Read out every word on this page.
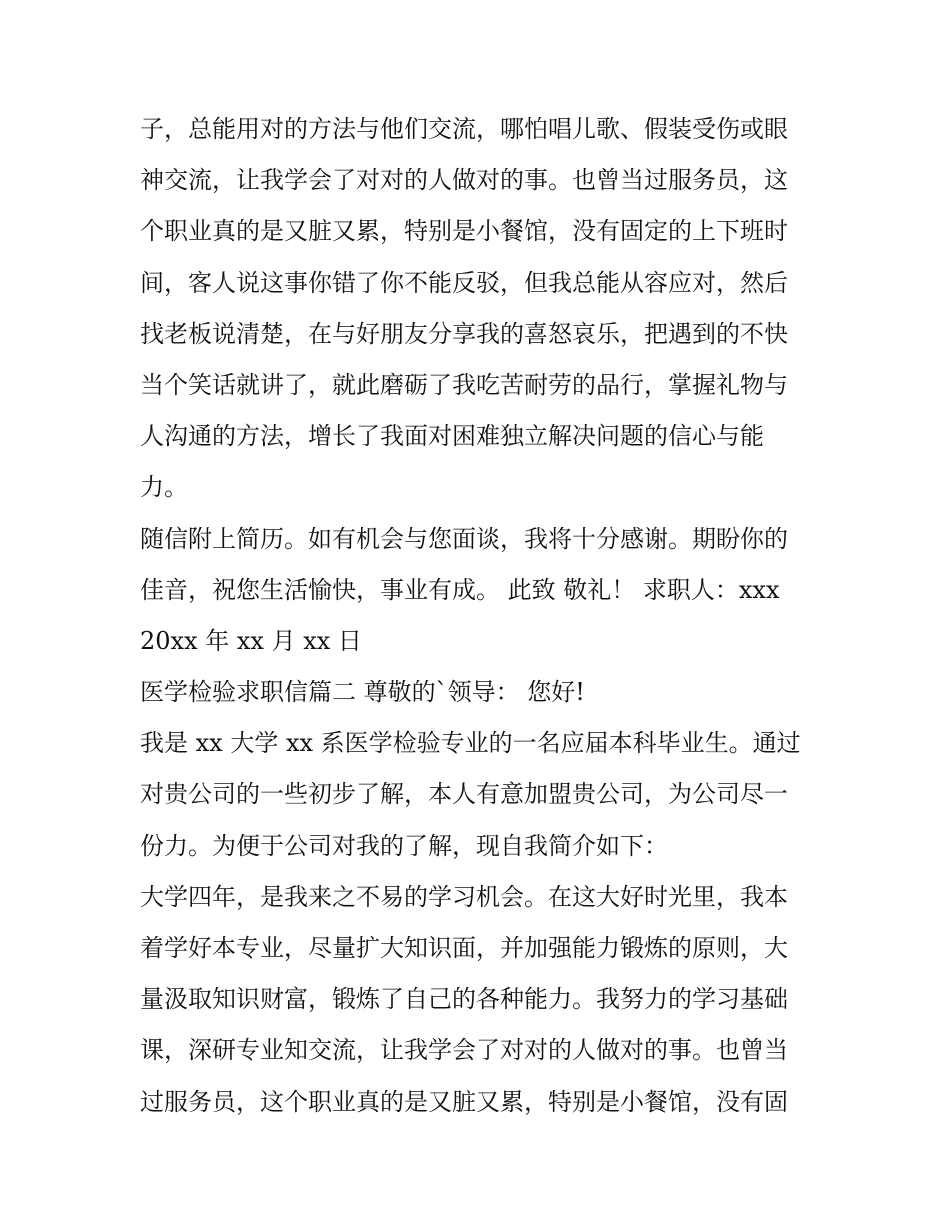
子，总能用对的方法与他们交流，哪怕唱儿歌、假装受伤或眼
神交流，让我学会了对对的人做对的事。也曾当过服务员，这
个职业真的是又脏又累，特别是小餐馆，没有固定的上下班时
间，客人说这事你错了你不能反驳，但我总能从容应对，然后
找老板说清楚，在与好朋友分享我的喜怒哀乐，把遇到的不快
当个笑话就讲了，就此磨砺了我吃苦耐劳的品行，掌握礼物与
人沟通的方法，增长了我面对困难独立解决问题的信心与能
力。
随信附上简历。如有机会与您面谈，我将十分感谢。期盼你的
佳音，祝您生活愉快，事业有成。 此致 敬礼！ 求职人：xxx
20xx 年 xx 月 xx 日
医学检验求职信篇二 尊敬的`领导： 您好!
我是 xx 大学 xx 系医学检验专业的一名应届本科毕业生。通过
对贵公司的一些初步了解，本人有意加盟贵公司，为公司尽一
份力。为便于公司对我的了解，现自我简介如下：
大学四年，是我来之不易的学习机会。在这大好时光里，我本
着学好本专业，尽量扩大知识面，并加强能力锻炼的原则，大
量汲取知识财富，锻炼了自己的各种能力。我努力的学习基础
课，深研专业知交流，让我学会了对对的人做对的事。也曾当
过服务员，这个职业真的是又脏又累，特别是小餐馆，没有固
